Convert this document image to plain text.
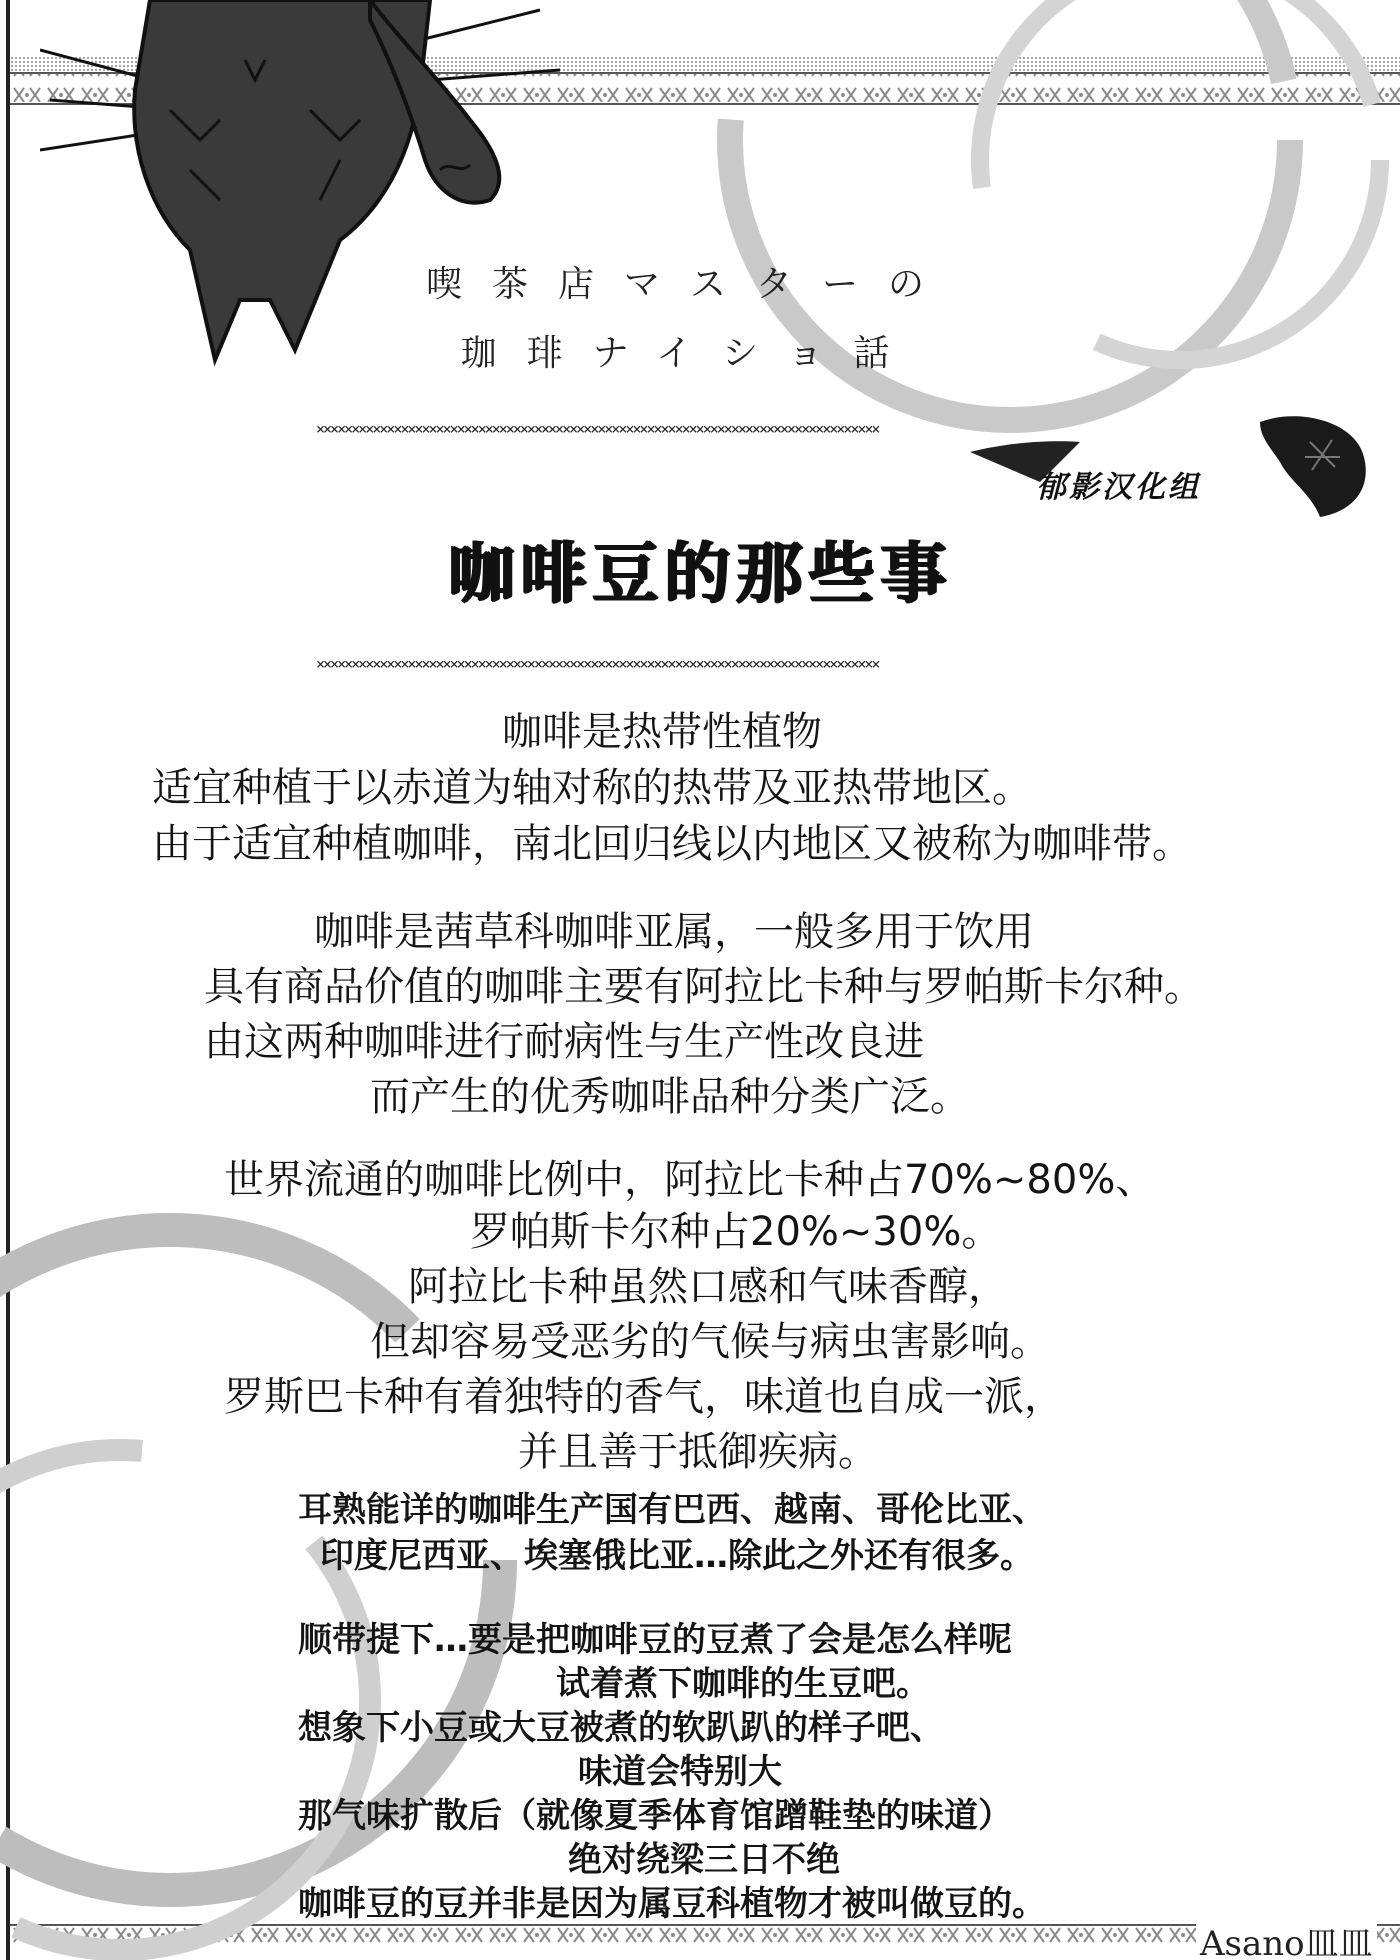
喫茶店マスターの
珈琲ナイショ話
××××××××××××××××××××××××××××××××××××××××××××××××××××××××××××××××××××××××××××××××
郁影汉化组
咖啡豆的那些事
××××××××××××××××××××××××××××××××××××××××××××××××××××××××××××××××××××××××××××××××
咖啡是热带性植物
适宜种植于以赤道为轴对称的热带及亚热带地区。
由于适宜种植咖啡，南北回归线以内地区又被称为咖啡带。
咖啡是茜草科咖啡亚属，一般多用于饮用
具有商品价值的咖啡主要有阿拉比卡种与罗帕斯卡尔种。
由这两种咖啡进行耐病性与生产性改良进
而产生的优秀咖啡品种分类广泛。
世界流通的咖啡比例中，阿拉比卡种占70%~80%、
罗帕斯卡尔种占20%~30%。
阿拉比卡种虽然口感和气味香醇，
但却容易受恶劣的气候与病虫害影响。
罗斯巴卡种有着独特的香气，味道也自成一派，
并且善于抵御疾病。
耳熟能详的咖啡生产国有巴西、越南、哥伦比亚、
印度尼西亚、埃塞俄比亚…除此之外还有很多。
顺带提下…要是把咖啡豆的豆煮了会是怎么样呢
试着煮下咖啡的生豆吧。
想象下小豆或大豆被煮的软趴趴的样子吧、
味道会特别大
那气味扩散后（就像夏季体育馆蹭鞋垫的味道）
绝对绕梁三日不绝
咖啡豆的豆并非是因为属豆科植物才被叫做豆的。
Asano皿皿
